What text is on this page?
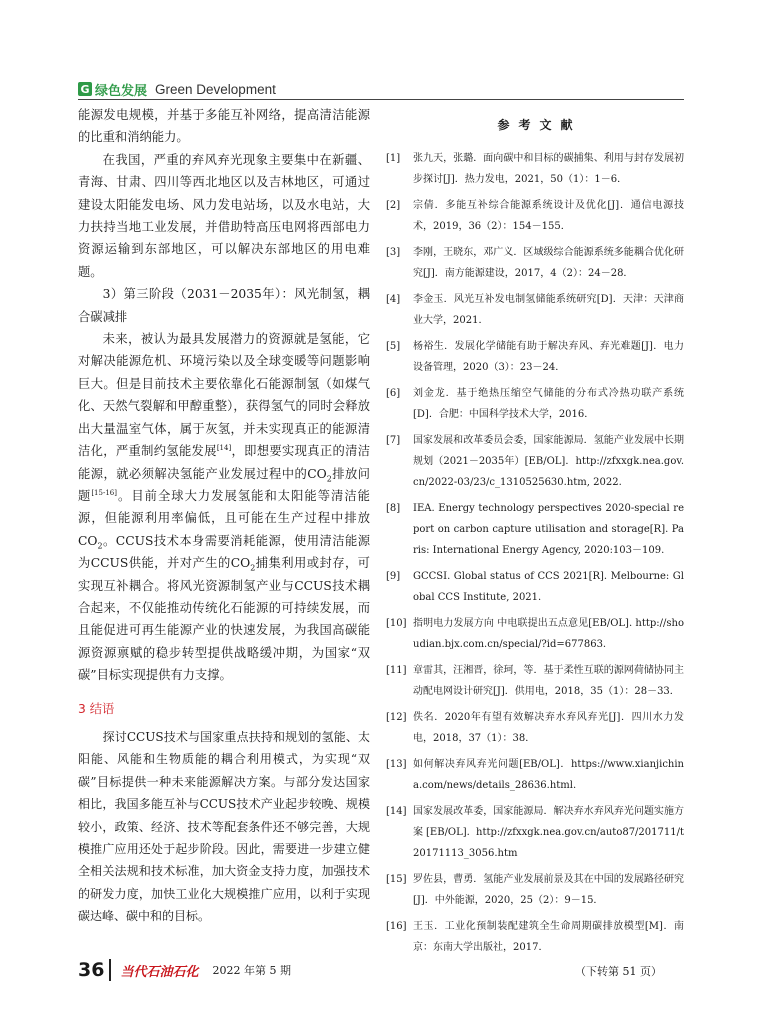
G 绿色发展 Green Development

能源发电规模，并基于多能互补网络，提高清洁能源的比重和消纳能力。

在我国，严重的弃风弃光现象主要集中在新疆、青海、甘肃、四川等西北地区以及吉林地区，可通过建设太阳能发电场、风力发电站场，以及水电站，大力扶持当地工业发展，并借助特高压电网将西部电力资源运输到东部地区，可以解决东部地区的用电难题。

3）第三阶段（2031－2035年）：风光制氢，耦合碳减排

未来，被认为最具发展潜力的资源就是氢能，它对解决能源危机、环境污染以及全球变暖等问题影响巨大。但是目前技术主要依靠化石能源制氢（如煤气化、天然气裂解和甲醇重整），获得氢气的同时会释放出大量温室气体，属于灰氢，并未实现真正的能源清洁化，严重制约氢能发展[14]，即想要实现真正的清洁能源，就必须解决氢能产业发展过程中的$CO_2$排放问题[15-16]。目前全球大力发展氢能和太阳能等清洁能源，但能源利用率偏低，且可能在生产过程中排放$CO_2$。CCUS技术本身需要消耗能源，使用清洁能源为CCUS供能，并对产生的$CO_2$捕集利用或封存，可实现互补耦合。将风光资源制氢产业与CCUS技术耦合起来，不仅能推动传统化石能源的可持续发展，而且能促进可再生能源产业的快速发展，为我国高碳能源资源禀赋的稳步转型提供战略缓冲期，为国家“双碳”目标实现提供有力支撑。

3 结语

探讨CCUS技术与国家重点扶持和规划的氢能、太阳能、风能和生物质能的耦合利用模式，为实现“双碳”目标提供一种未来能源解决方案。与部分发达国家相比，我国多能互补与CCUS技术产业起步较晚、规模较小，政策、经济、技术等配套条件还不够完善，大规模推广应用还处于起步阶段。因此，需要进一步建立健全相关法规和技术标准，加大资金支持力度，加强技术的研发力度，加快工业化大规模推广应用，以利于实现碳达峰、碳中和的目标。

参考文献
[1]	张九天，张璐．面向碳中和目标的碳捕集、利用与封存发展初步探讨[J]．热力发电，2021，50（1）：1－6．
[2]	宗倩．多能互补综合能源系统设计及优化[J]．通信电源技术，2019，36（2）：154－155．
[3]	李刚，王晓东，邓广义．区域级综合能源系统多能耦合优化研究[J]．南方能源建设，2017，4（2）：24－28．
[4]	李金玉．风光互补发电制氢储能系统研究[D]．天津：天津商业大学，2021．
[5]	杨裕生．发展化学储能有助于解决弃风、弃光难题[J]．电力设备管理，2020（3）：23－24．
[6]	刘金龙．基于绝热压缩空气储能的分布式冷热功联产系统[D]．合肥：中国科学技术大学，2016．
[7]	国家发展和改革委员会委，国家能源局．氢能产业发展中长期规划（2021－2035年）[EB/OL]．http://zfxxgk.nea.gov.cn/2022-03/23/c_1310525630.htm, 2022.
[8]	IEA. Energy technology perspectives 2020-special report on carbon capture utilisation and storage[R]. Paris: International Energy Agency, 2020:103－109.
[9]	GCCSI. Global status of CCS 2021[R]. Melbourne: Global CCS Institute, 2021.
[10] 指明电力发展方向 中电联提出五点意见[EB/OL]. http://shoudian.bjx.com.cn/special/?id=677863.
[11] 章雷其，汪湘晋，徐珂，等．基于柔性互联的源网荷储协同主动配电网设计研究[J]．供用电，2018，35（1）：28－33．
[12] 佚名．2020年有望有效解决弃水弃风弃光[J]．四川水力发电，2018，37（1）：38．
[13] 如何解决弃风弃光问题[EB/OL]．https://www.xianjichina.com/news/details_28636.html.
[14] 国家发展改革委，国家能源局．解决弃水弃风弃光问题实施方案[EB/OL]. http://zfxxgk.nea.gov.cn/auto87/201711/t20171113_3056.htm
[15] 罗佐县，曹勇．氢能产业发展前景及其在中国的发展路径研究[J]．中外能源，2020，25（2）：9－15．
[16] 王玉．工业化预制装配建筑全生命周期碳排放模型[M]．南京：东南大学出版社，2017．
（下转第 51 页）
36 当代石油石化 2022 年第 5 期
